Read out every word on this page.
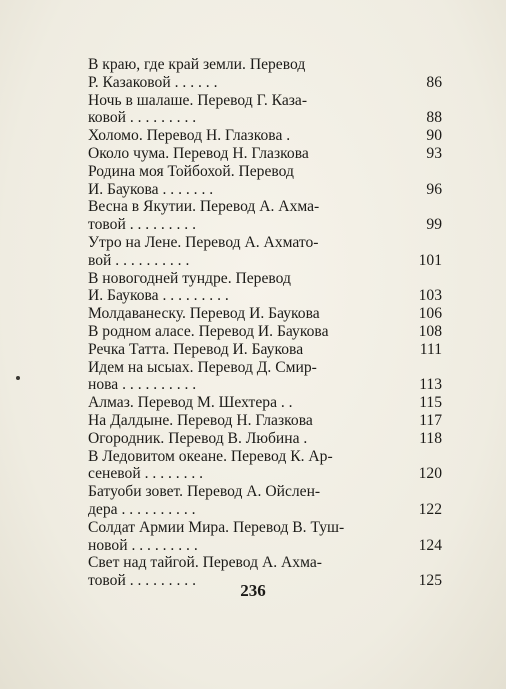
В краю, где край земли. Перевод
Р. Казаковой . . . . . .	86
Ночь в шалаше. Перевод Г. Каза-
ковой . . . . . . . . .	88
Холомо. Перевод Н. Глазкова .	90
Около чума. Перевод Н. Глазкова	93
Родина моя Тойбохой. Перевод
И. Баукова . . . . . . .	96
Весна в Якутии. Перевод А. Ахма-
товой . . . . . . . . .	99
Утро на Лене. Перевод А. Ахмато-
вой . . . . . . . . . .	101
В новогодней тундре. Перевод
И. Баукова . . . . . . . . .	103
Молдаванеску. Перевод И. Баукова	106
В родном аласе. Перевод И. Баукова	108
Речка Татта. Перевод И. Баукова	111
Идем на ысыах. Перевод Д. Смир-
нова . . . . . . . . . .	113
Алмаз. Перевод М. Шехтера . .	115
На Далдыне. Перевод Н. Глазкова	117
Огородник. Перевод В. Любина .	118
В Ледовитом океане. Перевод К. Ар-
сеневой . . . . . . . .	120
Батуоби зовет. Перевод А. Ойслен-
дера . . . . . . . . . .	122
Солдат Армии Мира. Перевод В. Туш-
новой . . . . . . . . .	124
Свет над тайгой. Перевод А. Ахма-
товой . . . . . . . . .	125
236
